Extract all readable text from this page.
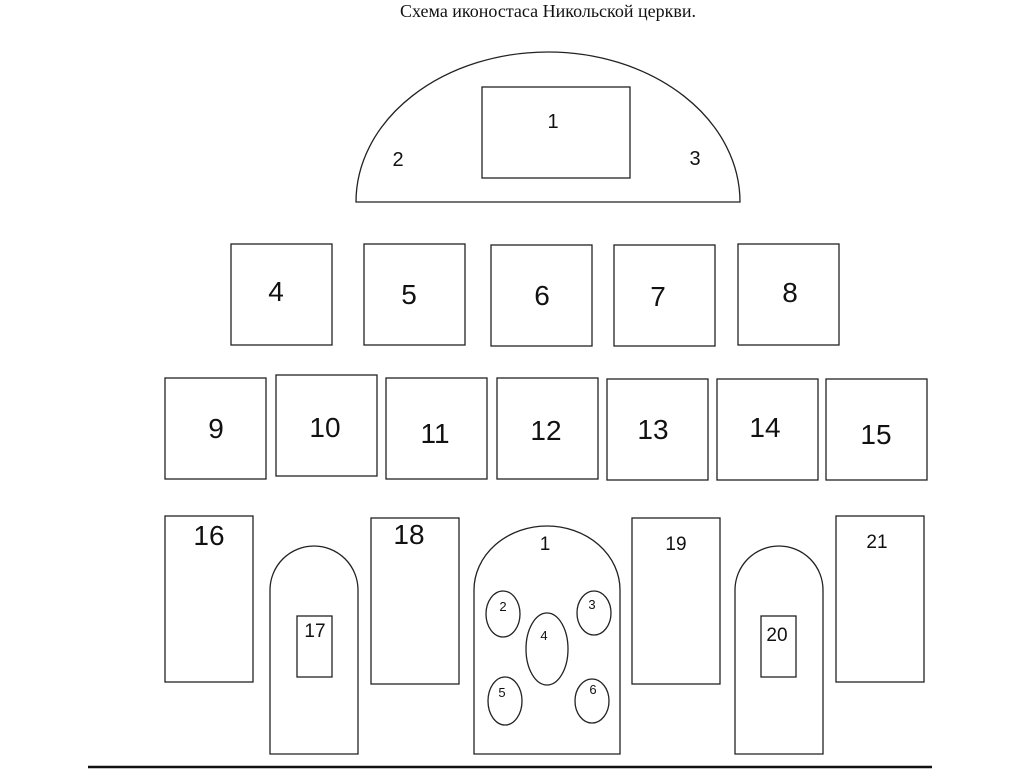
Схема иконостаса Никольской церкви.
1
2	3
4	5	6	7	8
9	10	11	12	13	14	15
16
17
18	1
2	3
4
5	6
19
20
21
